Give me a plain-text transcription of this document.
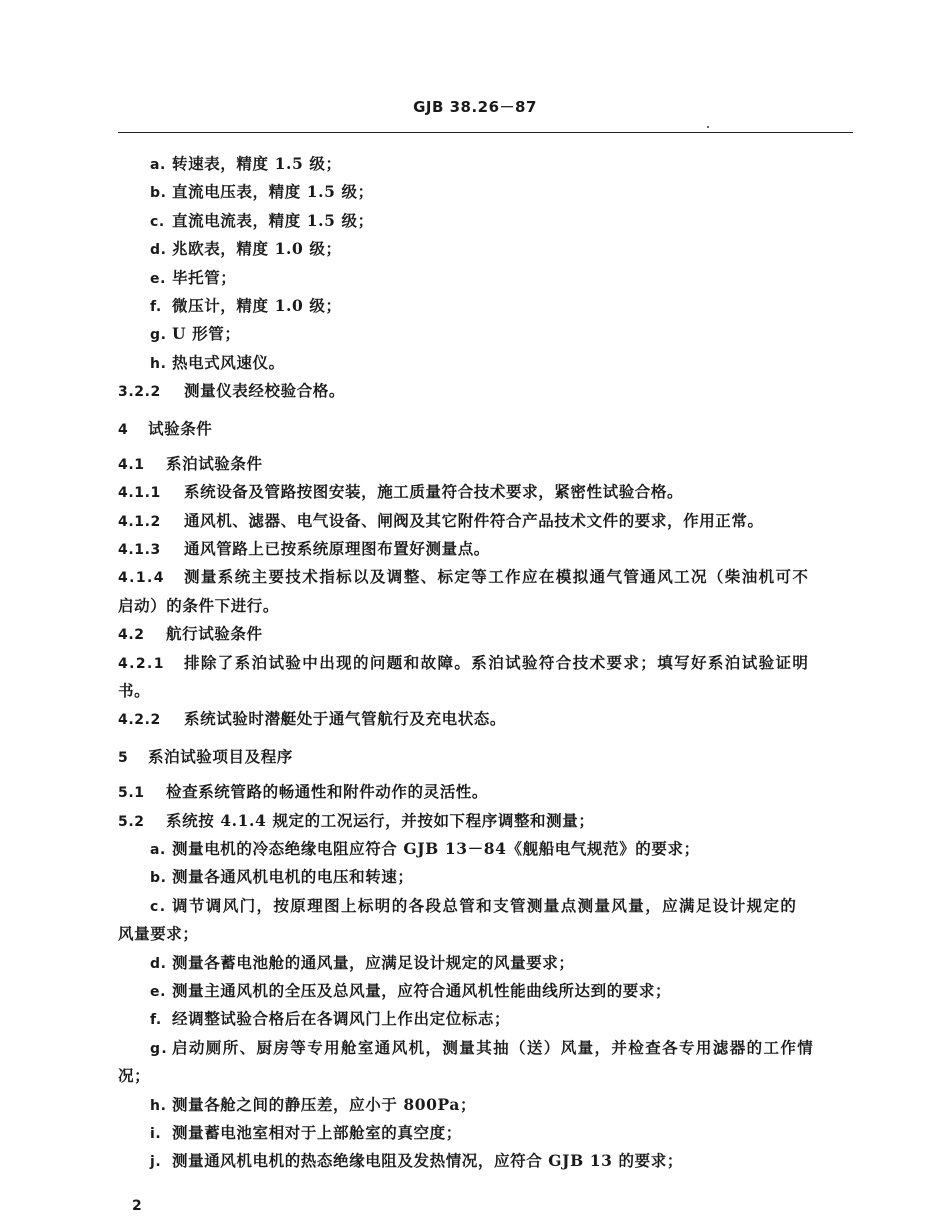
GJB 38.26－87
a. 转速表，精度 1.5 级；
b. 直流电压表，精度 1.5 级；
c. 直流电流表，精度 1.5 级；
d. 兆欧表，精度 1.0 级；
e. 毕托管；
f. 微压计，精度 1.0 级；
g. U 形管；
h. 热电式风速仪。
3.2.2 测量仪表经校验合格。
4 试验条件
4.1 系泊试验条件
4.1.1 系统设备及管路按图安装，施工质量符合技术要求，紧密性试验合格。
4.1.2 通风机、滤器、电气设备、闸阀及其它附件符合产品技术文件的要求，作用正常。
4.1.3 通风管路上已按系统原理图布置好测量点。
4.1.4 测量系统主要技术指标以及调整、标定等工作应在模拟通气管通风工况（柴油机可不
启动）的条件下进行。
4.2 航行试验条件
4.2.1 排除了系泊试验中出现的问题和故障。系泊试验符合技术要求；填写好系泊试验证明
书。
4.2.2 系统试验时潜艇处于通气管航行及充电状态。
5 系泊试验项目及程序
5.1 检查系统管路的畅通性和附件动作的灵活性。
5.2 系统按 4.1.4 规定的工况运行，并按如下程序调整和测量；
a. 测量电机的冷态绝缘电阻应符合 GJB 13－84《舰船电气规范》的要求；
b. 测量各通风机电机的电压和转速；
c. 调节调风门，按原理图上标明的各段总管和支管测量点测量风量，应满足设计规定的
风量要求；
d. 测量各蓄电池舱的通风量，应满足设计规定的风量要求；
e. 测量主通风机的全压及总风量，应符合通风机性能曲线所达到的要求；
f. 经调整试验合格后在各调风门上作出定位标志；
g. 启动厕所、厨房等专用舱室通风机，测量其抽（送）风量，并检查各专用滤器的工作情
况；
h. 测量各舱之间的静压差，应小于 800Pa；
i. 测量蓄电池室相对于上部舱室的真空度；
j. 测量通风机电机的热态绝缘电阻及发热情况，应符合 GJB 13 的要求；
2
